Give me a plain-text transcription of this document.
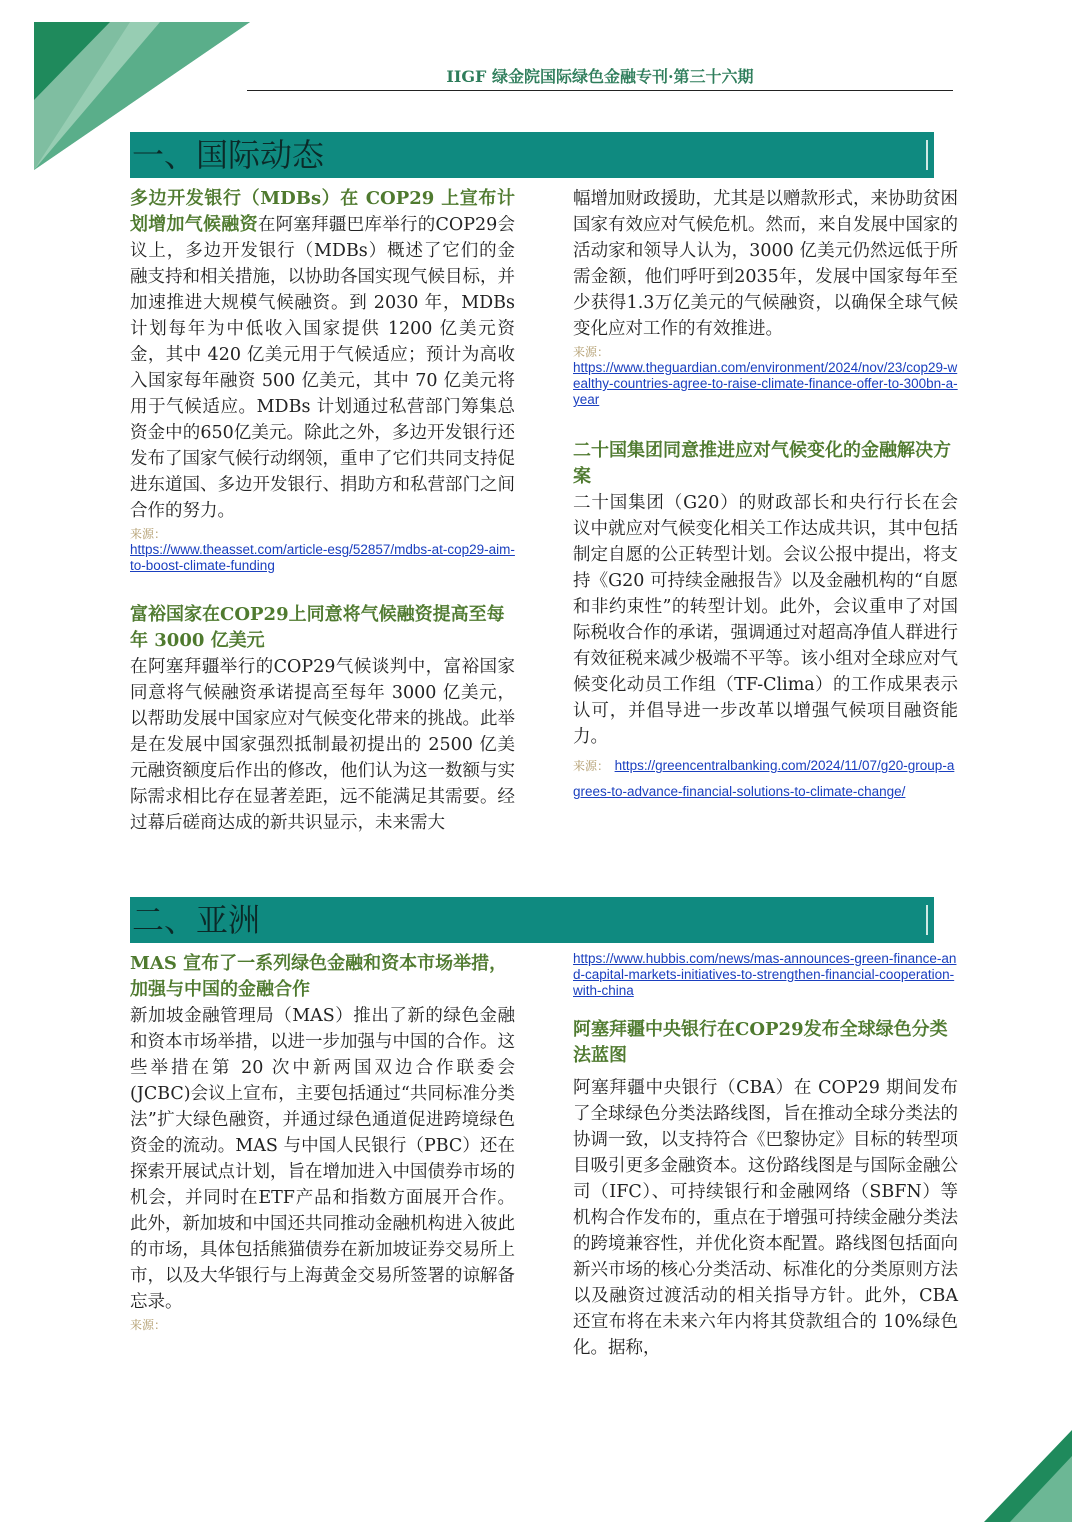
IIGF 绿金院国际绿色金融专刊·第三十六期
一、国际动态

多边开发银行（MDBs）在 COP29 上宣布计划增加气候融资在阿塞拜疆巴库举行的COP29会议上，多边开发银行（MDBs）概述了它们的金融支持和相关措施，以协助各国实现气候目标，并加速推进大规模气候融资。到 2030 年，MDBs 计划每年为中低收入国家提供 1200 亿美元资金，其中 420 亿美元用于气候适应；预计为高收入国家每年融资 500 亿美元，其中 70 亿美元将用于气候适应。MDBs 计划通过私营部门筹集总资金中的650亿美元。除此之外，多边开发银行还发布了国家气候行动纲领，重申了它们共同支持促进东道国、多边开发银行、捐助方和私营部门之间合作的努力。

来源：
https://www.theasset.com/article-esg/52857/mdbs-at-cop29-aim-to-boost-climate-funding
富裕国家在COP29上同意将气候融资提高至每年 3000 亿美元

在阿塞拜疆举行的COP29气候谈判中，富裕国家同意将气候融资承诺提高至每年 3000 亿美元，以帮助发展中国家应对气候变化带来的挑战。此举是在发展中国家强烈抵制最初提出的 2500 亿美元融资额度后作出的修改，他们认为这一数额与实际需求相比存在显著差距，远不能满足其需要。经过幕后磋商达成的新共识显示，未来需大

幅增加财政援助，尤其是以赠款形式，来协助贫困国家有效应对气候危机。然而，来自发展中国家的活动家和领导人认为，3000 亿美元仍然远低于所需金额，他们呼吁到2035年，发展中国家每年至少获得1.3万亿美元的气候融资，以确保全球气候变化应对工作的有效推进。

来源：
https://www.theguardian.com/environment/2024/nov/23/cop29-wealthy-countries-agree-to-raise-climate-finance-offer-to-300bn-a-year
二十国集团同意推进应对气候变化的金融解决方案

二十国集团（G20）的财政部长和央行行长在会议中就应对气候变化相关工作达成共识，其中包括制定自愿的公正转型计划。会议公报中提出，将支持《G20 可持续金融报告》以及金融机构的“自愿和非约束性”的转型计划。此外，会议重申了对国际税收合作的承诺，强调通过对超高净值人群进行有效征税来减少极端不平等。该小组对全球应对气候变化动员工作组（TF-Clima）的工作成果表示认可，并倡导进一步改革以增强气候项目融资能力。

来源： https://greencentralbanking.com/2024/11/07/g20-group-agrees-to-advance-financial-solutions-to-climate-change/
二、亚洲
MAS 宣布了一系列绿色金融和资本市场举措，加强与中国的金融合作

新加坡金融管理局（MAS）推出了新的绿色金融和资本市场举措，以进一步加强与中国的合作。这些举措在第 20 次中新两国双边合作联委会(JCBC)会议上宣布，主要包括通过“共同标准分类法”扩大绿色融资，并通过绿色通道促进跨境绿色资金的流动。MAS 与中国人民银行（PBC）还在探索开展试点计划，旨在增加进入中国债券市场的机会，并同时在ETF产品和指数方面展开合作。此外，新加坡和中国还共同推动金融机构进入彼此的市场，具体包括熊猫债券在新加坡证券交易所上市，以及大华银行与上海黄金交易所签署的谅解备忘录。

来源：
https://www.hubbis.com/news/mas-announces-green-finance-and-capital-markets-initiatives-to-strengthen-financial-cooperation-with-china
阿塞拜疆中央银行在COP29发布全球绿色分类法蓝图

阿塞拜疆中央银行（CBA）在 COP29 期间发布了全球绿色分类法路线图，旨在推动全球分类法的协调一致，以支持符合《巴黎协定》目标的转型项目吸引更多金融资本。这份路线图是与国际金融公司（IFC）、可持续银行和金融网络（SBFN）等机构合作发布的，重点在于增强可持续金融分类法的跨境兼容性，并优化资本配置。路线图包括面向新兴市场的核心分类活动、标准化的分类原则方法以及融资过渡活动的相关指导方针。此外，CBA 还宣布将在未来六年内将其贷款组合的 10%绿色化。据称，
